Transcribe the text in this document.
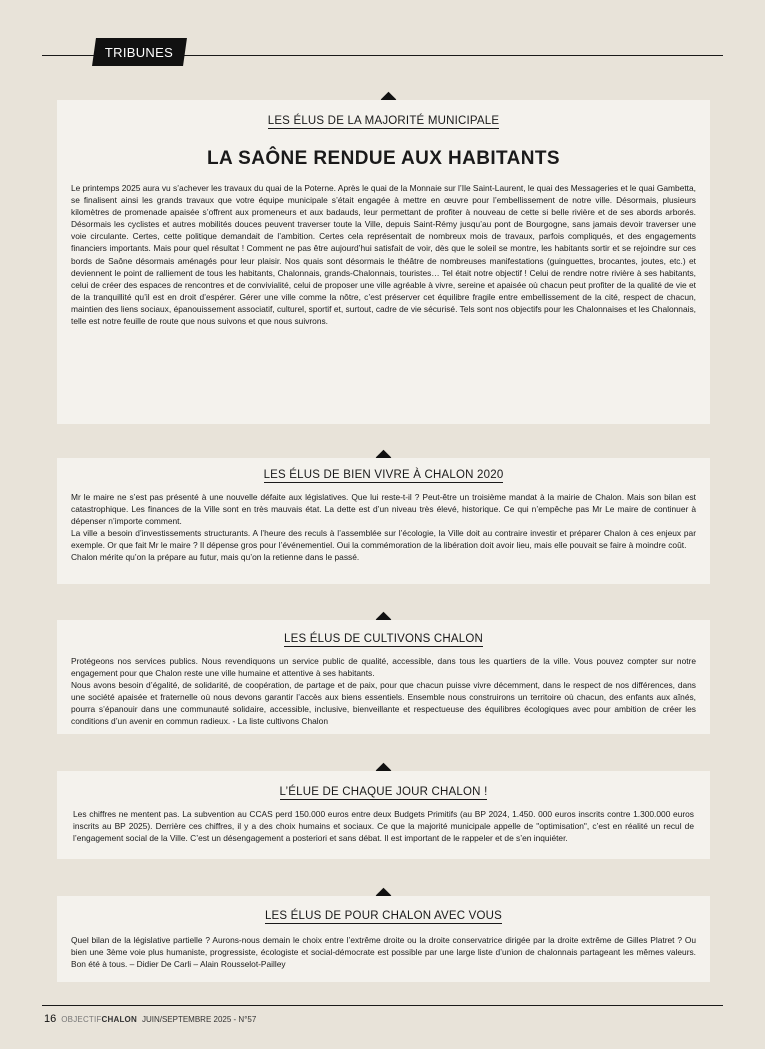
TRIBUNES
LES ÉLUS DE LA MAJORITÉ MUNICIPALE
LA SAÔNE RENDUE AUX HABITANTS
Le printemps 2025 aura vu s’achever les travaux du quai de la Poterne. Après le quai de la Monnaie sur l’Ile Saint-Laurent, le quai des Messageries et le quai Gambetta, se finalisent ainsi les grands travaux que votre équipe municipale s’était engagée à mettre en œuvre pour l’embellissement de notre ville. Désormais, plusieurs kilomètres de promenade apaisée s’offrent aux promeneurs et aux badauds, leur permettant de profiter à nouveau de cette si belle rivière et de ses abords arborés. Désormais les cyclistes et autres mobilités douces peuvent traverser toute la Ville, depuis Saint-Rémy jusqu’au pont de Bourgogne, sans jamais devoir traverser une voie circulante. Certes, cette politique demandait de l’ambition. Certes cela représentait de nombreux mois de travaux, parfois compliqués, et des engagements financiers importants. Mais pour quel résultat ! Comment ne pas être aujourd’hui satisfait de voir, dès que le soleil se montre, les habitants sortir et se rejoindre sur ces bords de Saône désormais aménagés pour leur plaisir. Nos quais sont désormais le théâtre de nombreuses manifestations (guinguettes, brocantes, joutes, etc.) et deviennent le point de ralliement de tous les habitants, Chalonnais, grands-Chalonnais, touristes… Tel était notre objectif ! Celui de rendre notre rivière à ses habitants, celui de créer des espaces de rencontres et de convivialité, celui de proposer une ville agréable à vivre, sereine et apaisée où chacun peut profiter de la qualité de vie et de la tranquillité qu’il est en droit d’espérer. Gérer une ville comme la nôtre, c’est préserver cet équilibre fragile entre embellissement de la cité, respect de chacun, maintien des liens sociaux, épanouissement associatif, culturel, sportif et, surtout, cadre de vie sécurisé. Tels sont nos objectifs pour les Chalonnaises et les Chalonnais, telle est notre feuille de route que nous suivons et que nous suivrons.
LES ÉLUS DE BIEN VIVRE À CHALON 2020
Mr le maire ne s’est pas présenté à une nouvelle défaite aux législatives. Que lui reste-t-il ? Peut-être un troisième mandat à la mairie de Chalon. Mais son bilan est catastrophique. Les finances de la Ville sont en très mauvais état. La dette est d’un niveau très élevé, historique. Ce qui n’empêche pas Mr Le maire de continuer à dépenser n’importe comment.
La ville a besoin d’investissements structurants. A l’heure des reculs à l’assemblée sur l’écologie, la Ville doit au contraire investir et préparer Chalon à ces enjeux par exemple. Or que fait Mr le maire ? Il dépense gros pour l’événementiel. Oui la commémoration de la libération doit avoir lieu, mais elle pouvait se faire à moindre coût.
Chalon mérite qu’on la prépare au futur, mais qu’on la retienne dans le passé.
LES ÉLUS DE CULTIVONS CHALON
Protégeons nos services publics. Nous revendiquons un service public de qualité, accessible, dans tous les quartiers de la ville. Vous pouvez compter sur notre engagement pour que Chalon reste une ville humaine et attentive à ses habitants.
Nous avons besoin d’égalité, de solidarité, de coopération, de partage et de paix, pour que chacun puisse vivre décemment, dans le respect de nos différences, dans une société apaisée et fraternelle où nous devons garantir l’accès aux biens essentiels. Ensemble nous construirons un territoire où chacun, des enfants aux aînés, pourra s’épanouir dans une communauté solidaire, accessible, inclusive, bienveillante et respectueuse des équilibres écologiques avec pour ambition de créer les conditions d’un avenir en commun radieux. - La liste cultivons Chalon
L’ÉLUE DE CHAQUE JOUR CHALON !
Les chiffres ne mentent pas. La subvention au CCAS perd 150.000 euros entre deux Budgets Primitifs (au BP 2024, 1.450. 000 euros inscrits contre 1.300.000 euros inscrits au BP 2025). Derrière ces chiffres, il y a des choix humains et sociaux. Ce que la majorité municipale appelle de "optimisation", c’est en réalité un recul de l’engagement social de la Ville. C’est un désengagement a posteriori et sans débat. Il est important de le rappeler et de s’en inquiéter.
LES ÉLUS DE POUR CHALON AVEC VOUS
Quel bilan de la législative partielle ? Aurons-nous demain le choix entre l’extrême droite ou la droite conservatrice dirigée par la droite extrême de Gilles Platret ? Ou bien une 3ème voie plus humaniste, progressiste, écologiste et social-démocrate est possible par une large liste d’union de chalonnais partageant les mêmes valeurs. Bon été à tous. – Didier De Carli – Alain Rousselot-Pailley
16 OBJECTIFCHALON JUIN/SEPTEMBRE 2025 - N°57
